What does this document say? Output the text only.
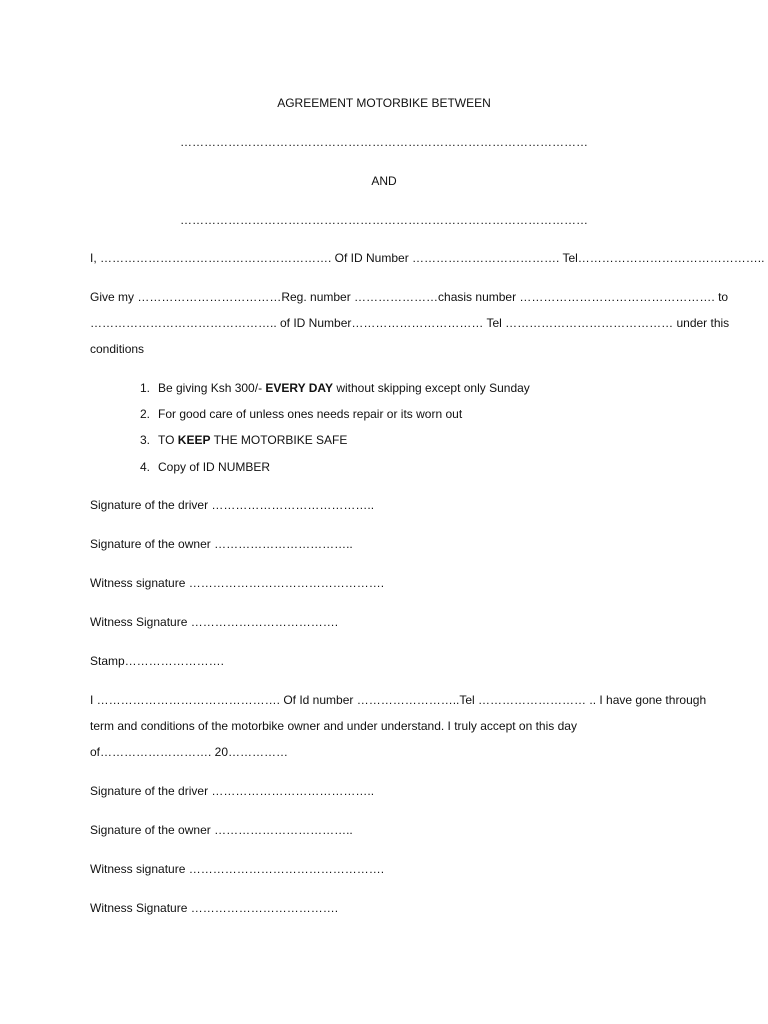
AGREEMENT MOTORBIKE BETWEEN
…………………………………………………………………………………………
AND
…………………………………………………………………………………………
I, …………………………………………………. Of ID Number ………………………………. Tel………………………………………..
Give my ………………………………Reg. number …………………chasis number …………………………………………. to
……………………………………….. of ID Number…………………………… Tel …………………………………… under this
conditions
1. Be giving Ksh 300/- EVERY DAY without skipping except only Sunday
2. For good care of unless ones needs repair or its worn out
3. TO KEEP THE MOTORBIKE SAFE
4. Copy of ID NUMBER
Signature of the driver …………………………………..
Signature of the owner ……………………………..
Witness signature ………………………………………….
Witness Signature ……………………………….
Stamp…………………….
I ………………………………………. Of Id number ……………………..Tel ……………………… .. I have gone through
term and conditions of the motorbike owner and under understand. I truly accept on this day
of………………………. 20……………
Signature of the driver …………………………………..
Signature of the owner ……………………………..
Witness signature ………………………………………….
Witness Signature ……………………………….
